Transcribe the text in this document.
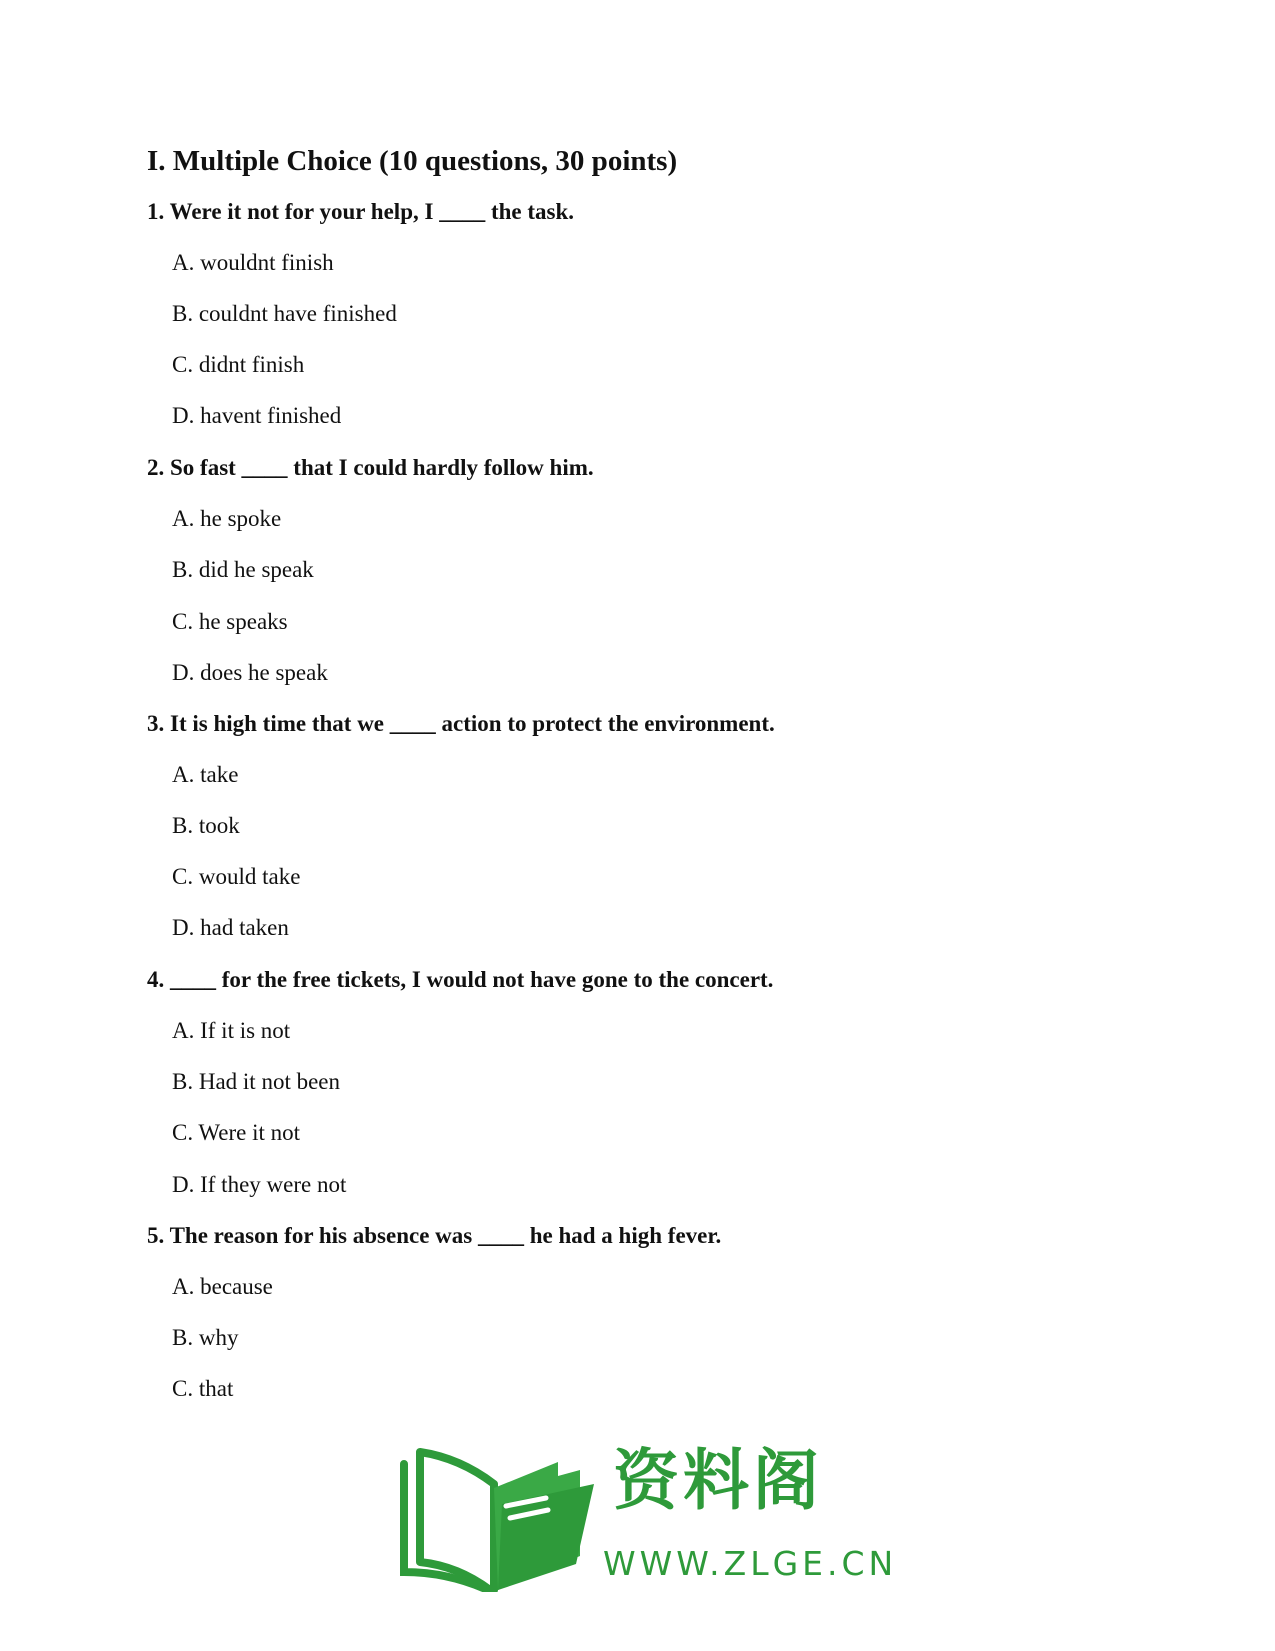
I. Multiple Choice (10 questions, 30 points)

1. Were it not for your help, I ____ the task.

A. wouldnt finish

B. couldnt have finished

C. didnt finish

D. havent finished

2. So fast ____ that I could hardly follow him.

A. he spoke

B. did he speak

C. he speaks

D. does he speak

3. It is high time that we ____ action to protect the environment.

A. take

B. took

C. would take

D. had taken

4. ____ for the free tickets, I would not have gone to the concert.

A. If it is not

B. Had it not been

C. Were it not

D. If they were not

5. The reason for his absence was ____ he had a high fever.

A. because

B. why

C. that

资料阁
WWW.ZLGE.CN
